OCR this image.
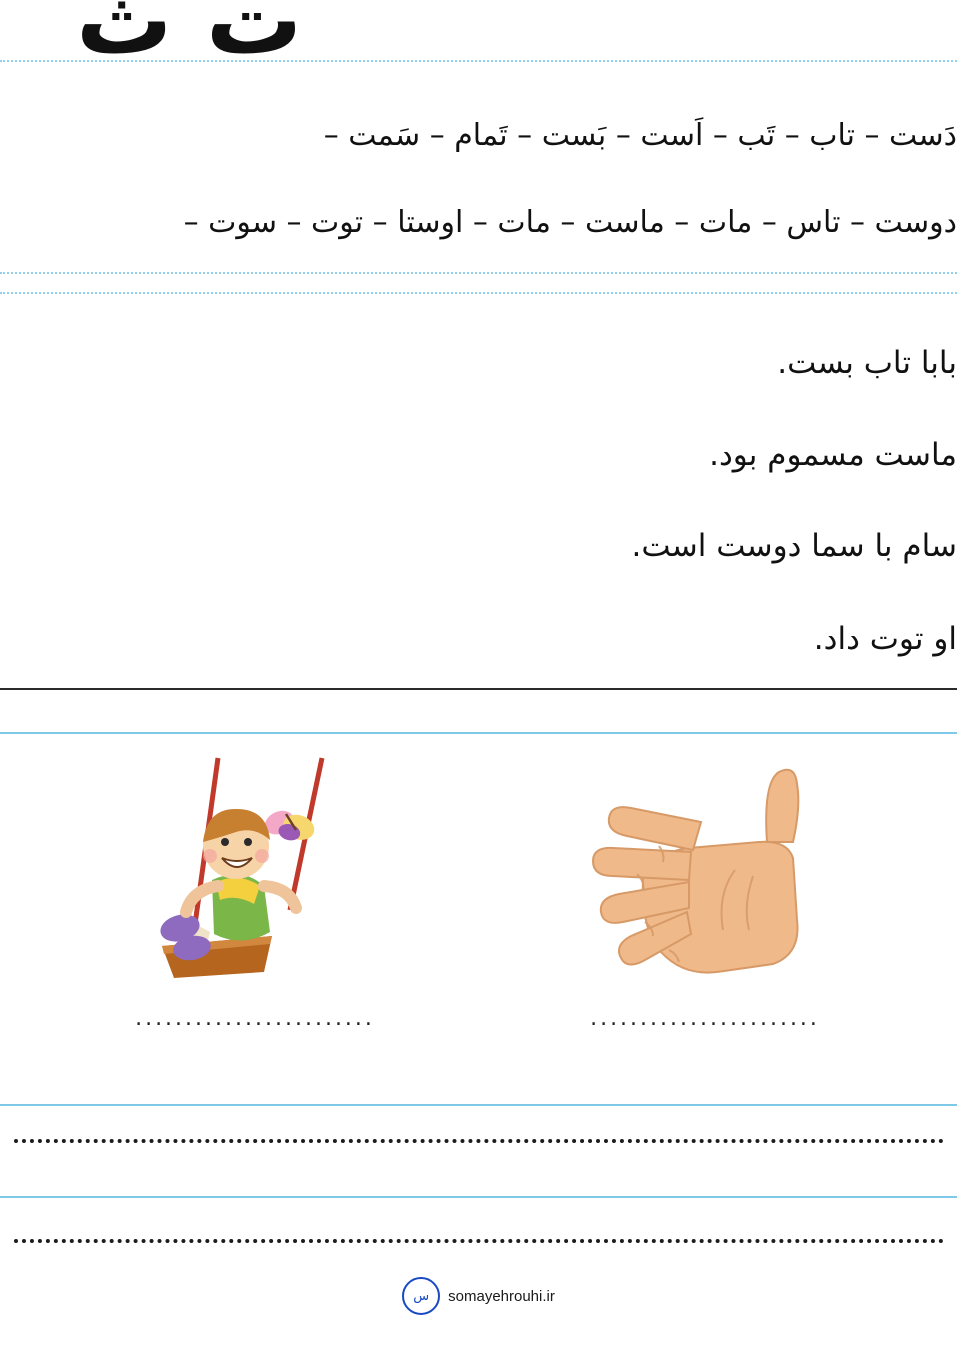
ت ث
دَست – تاب – تَب – اَست – بَست – تَمام – سَمت –
دوست – تاس – مات – ماست – مات – اوستا – توت – سوت –
بابا تاب بست.
ماست مسموم بود.
سام با سما دوست است.
او توت داد.
........................	.......................
س somayehrouhi.ir
